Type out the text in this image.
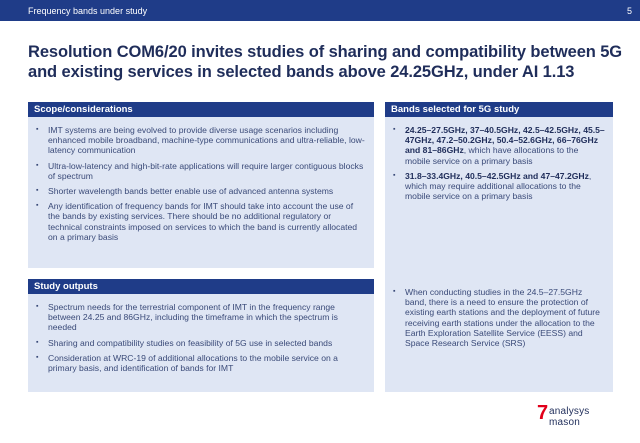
Frequency bands under study	5
Resolution COM6/20 invites studies of sharing and compatibility between 5G and existing services in selected bands above 24.25GHz, under AI 1.13
Scope/considerations
▪ IMT systems are being evolved to provide diverse usage scenarios including enhanced mobile broadband, machine-type communications and ultra-reliable, low-latency communication
▪ Ultra-low-latency and high-bit-rate applications will require larger contiguous blocks of spectrum
▪ Shorter wavelength bands better enable use of advanced antenna systems
▪ Any identification of frequency bands for IMT should take into account the use of the bands by existing services. There should be no additional regulatory or technical constraints imposed on services to which the band is currently allocated on a primary basis
Study outputs
▪ Spectrum needs for the terrestrial component of IMT in the frequency range between 24.25 and 86GHz, including the timeframe in which the spectrum is needed
▪ Sharing and compatibility studies on feasibility of 5G use in selected bands
▪ Consideration at WRC-19 of additional allocations to the mobile service on a primary basis, and identification of bands for IMT
Bands selected for 5G study
▪ 24.25–27.5GHz, 37–40.5GHz, 42.5–42.5GHz, 45.5–47GHz, 47.2–50.2GHz, 50.4–52.6GHz, 66–76GHz and 81–86GHz, which have allocations to the mobile service on a primary basis
▪ 31.8–33.4GHz, 40.5–42.5GHz and 47–47.2GHz, which may require additional allocations to the mobile service on a primary basis
▪ When conducting studies in the 24.5–27.5GHz band, there is a need to ensure the protection of existing earth stations and the deployment of future receiving earth stations under the allocation to the Earth Exploration Satellite Service (EESS) and Space Research Service (SRS)
7 analysys
mason
